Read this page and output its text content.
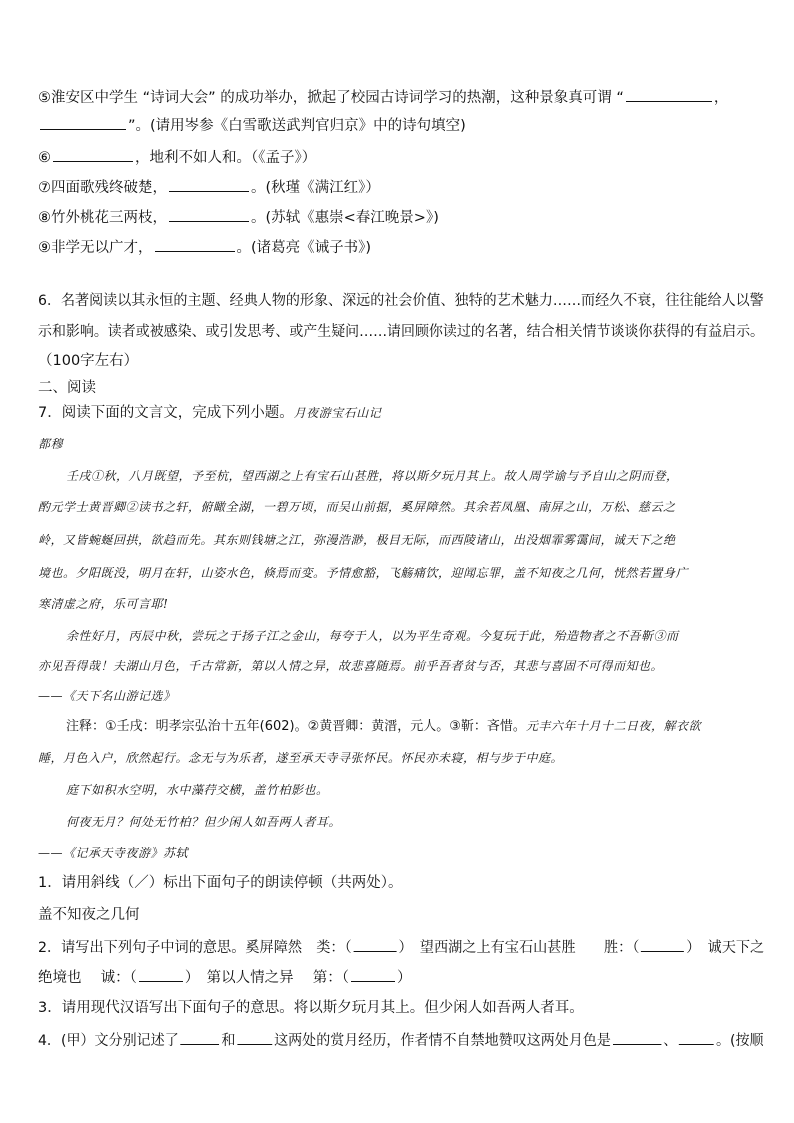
⑤淮安区中学生 “诗词大会” 的成功举办，掀起了校园古诗词学习的热潮，这种景象真可谓 “	，
”。(请用岑参《白雪歌送武判官归京》中的诗句填空)
⑥	，地利不如人和。（《孟子》）
⑦四面歌残终破楚，	。(秋瑾《满江红》）
⑧竹外桃花三两枝，	。(苏轼《惠崇<春江晚景>》)
⑨非学无以广才，	。(诸葛亮《诫子书》)
6．名著阅读以其永恒的主题、经典人物的形象、深远的社会价值、独特的艺术魅力……而经久不衰，往往能给人以警
示和影响。读者或被感染、或引发思考、或产生疑问……请回顾你读过的名著，结合相关情节谈谈你获得的有益启示。
（100字左右）
二、阅读
7．阅读下面的文言文，完成下列小题。月夜游宝石山记
都穆
壬戌①秋，八月既望，予至杭，望西湖之上有宝石山甚胜，将以斯夕玩月其上。故人周学谕与予自山之阴而登，
酌元学士黄晋卿②读书之轩，俯瞰全湖，一碧万顷，而吴山前据，奚屏障然。其余若凤凰、南屏之山，万松、慈云之
岭，又皆蜿蜒回拱，欲趋而先。其东则钱塘之江，弥漫浩渺，极目无际，而西陵诸山，出没烟霏雾霭间，诚天下之绝
境也。夕阳既没，明月在轩，山姿水色，倏焉而变。予情愈豁，飞觞痛饮，迎闻忘罪，盖不知夜之几何，恍然若置身广
寒清虚之府，乐可言耶!
余性好月，丙辰中秋，尝玩之于扬子江之金山，每夸于人，以为平生奇观。今复玩于此，殆造物者之不吾靳③而
亦见吾得哉！夫湖山月色，千古常新，第以人情之异，故悲喜随焉。前乎吾者贫与否，其悲与喜固不可得而知也。
——《天下名山游记选》
注释：①壬戌：明孝宗弘治十五年(602)。②黄晋卿：黄溍，元人。③靳：吝惜。元丰六年十月十二日夜，解衣欲
睡，月色入户，欣然起行。念无与为乐者，遂至承天寺寻张怀民。怀民亦未寝，相与步于中庭。
庭下如积水空明，水中藻荇交横，盖竹柏影也。
何夜无月？何处无竹柏？但少闲人如吾两人者耳。
——《记承天寺夜游》苏轼
1．请用斜线（／）标出下面句子的朗读停顿（共两处）。
盖不知夜之几何
2．请写出下列句子中词的意思。奚屏障然　类：（	）　望西湖之上有宝石山甚胜　　胜：（	）　诚天下之
绝境也　 诚：（	）　第以人情之异　 第：（	）
3．请用现代汉语写出下面句子的意思。将以斯夕玩月其上。但少闲人如吾两人者耳。
4．(甲）文分别记述了	和	这两处的赏月经历，作者情不自禁地赞叹这两处月色是	、	。(按顺
